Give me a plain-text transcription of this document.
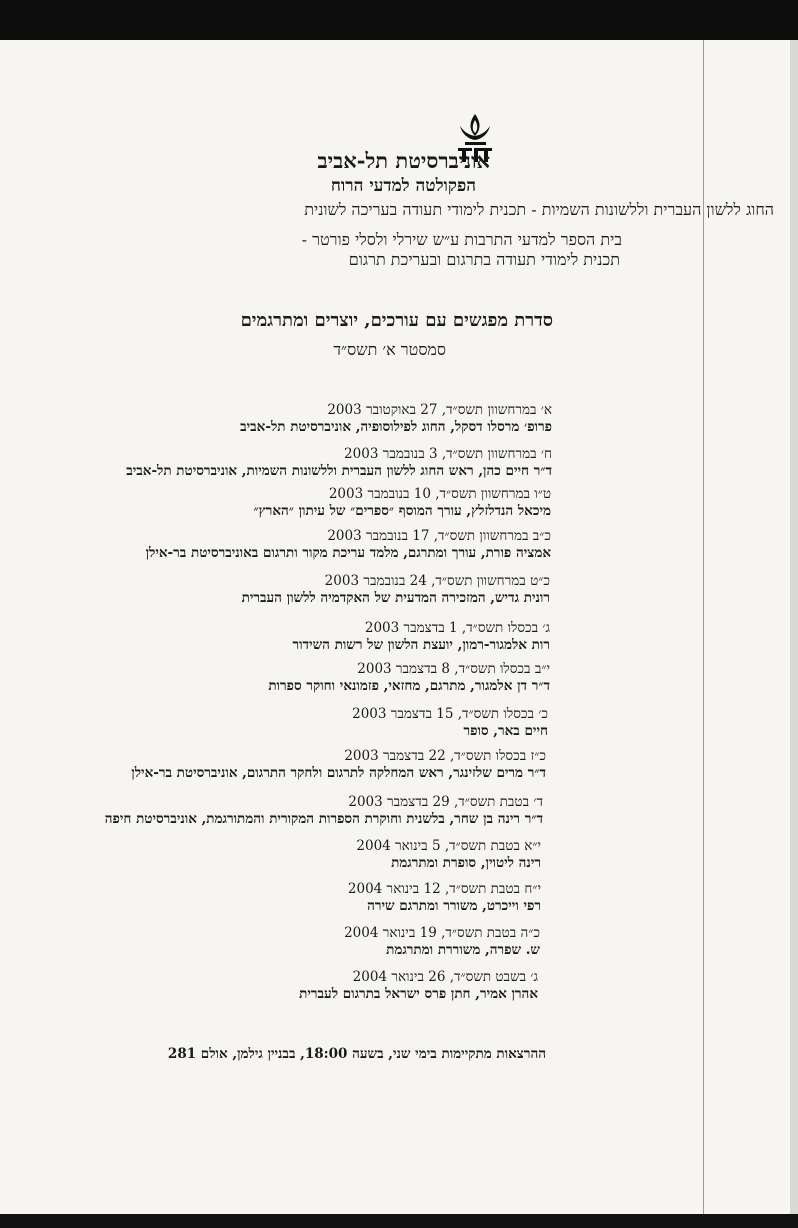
אוניברסיטת תל-אביב
הפקולטה למדעי הרוח
החוג ללשון העברית וללשונות השמיות - תכנית לימודי תעודה בעריכה לשונית
בית הספר למדעי התרבות ע״ש שירלי ולסלי פורטר -
תכנית לימודי תעודה בתרגום ובעריכת תרגום
סדרת מפגשים עם עורכים, יוצרים ומתרגמים
סמסטר א׳ תשס״ד
א׳ במרחשוון תשס״ד, 27 באוקטובר 2003
פרופ׳ מרסלו דסקל, החוג לפילוסופיה, אוניברסיטת תל-אביב
ח׳ במרחשוון תשס״ד, 3 בנובמבר 2003
ד״ר חיים כהן, ראש החוג ללשון העברית וללשונות השמיות, אוניברסיטת תל-אביב
ט״ו במרחשוון תשס״ד, 10 בנובמבר 2003
מיכאל הנדלזלץ, עורך המוסף ״ספרים״ של עיתון ״הארץ״
כ״ב במרחשוון תשס״ד, 17 בנובמבר 2003
אמציה פורת, עורך ומתרגם, מלמד עריכת מקור ותרגום באוניברסיטת בר-אילן
כ״ט במרחשוון תשס״ד, 24 בנובמבר 2003
רונית גדיש, המזכירה המדעית של האקדמיה ללשון העברית
ג׳ בכסלו תשס״ד, 1 בדצמבר 2003
רות אלמגור-רמון, יועצת הלשון של רשות השידור
י״ב בכסלו תשס״ד, 8 בדצמבר 2003
ד״ר דן אלמגור, מתרגם, מחזאי, פזמונאי וחוקר ספרות
כ׳ בכסלו תשס״ד, 15 בדצמבר 2003
חיים באר, סופר
כ״ז בכסלו תשס״ד, 22 בדצמבר 2003
ד״ר מרים שלזינגר, ראש המחלקה לתרגום ולחקר התרגום, אוניברסיטת בר-אילן
ד׳ בטבת תשס״ד, 29 בדצמבר 2003
ד״ר רינה בן שחר, בלשנית וחוקרת הספרות המקורית והמתורגמת, אוניברסיטת חיפה
י״א בטבת תשס״ד, 5 בינואר 2004
רינה ליטוין, סופרת ומתרגמת
י״ח בטבת תשס״ד, 12 בינואר 2004
רפי וייכרט, משורר ומתרגם שירה
כ״ה בטבת תשס״ד, 19 בינואר 2004
ש. שפרה, משוררת ומתרגמת
ג׳ בשבט תשס״ד, 26 בינואר 2004
אהרן אמיר, חתן פרס ישראל בתרגום לעברית
ההרצאות מתקיימות בימי שני, בשעה 18:00, בבניין גילמן, אולם 281
